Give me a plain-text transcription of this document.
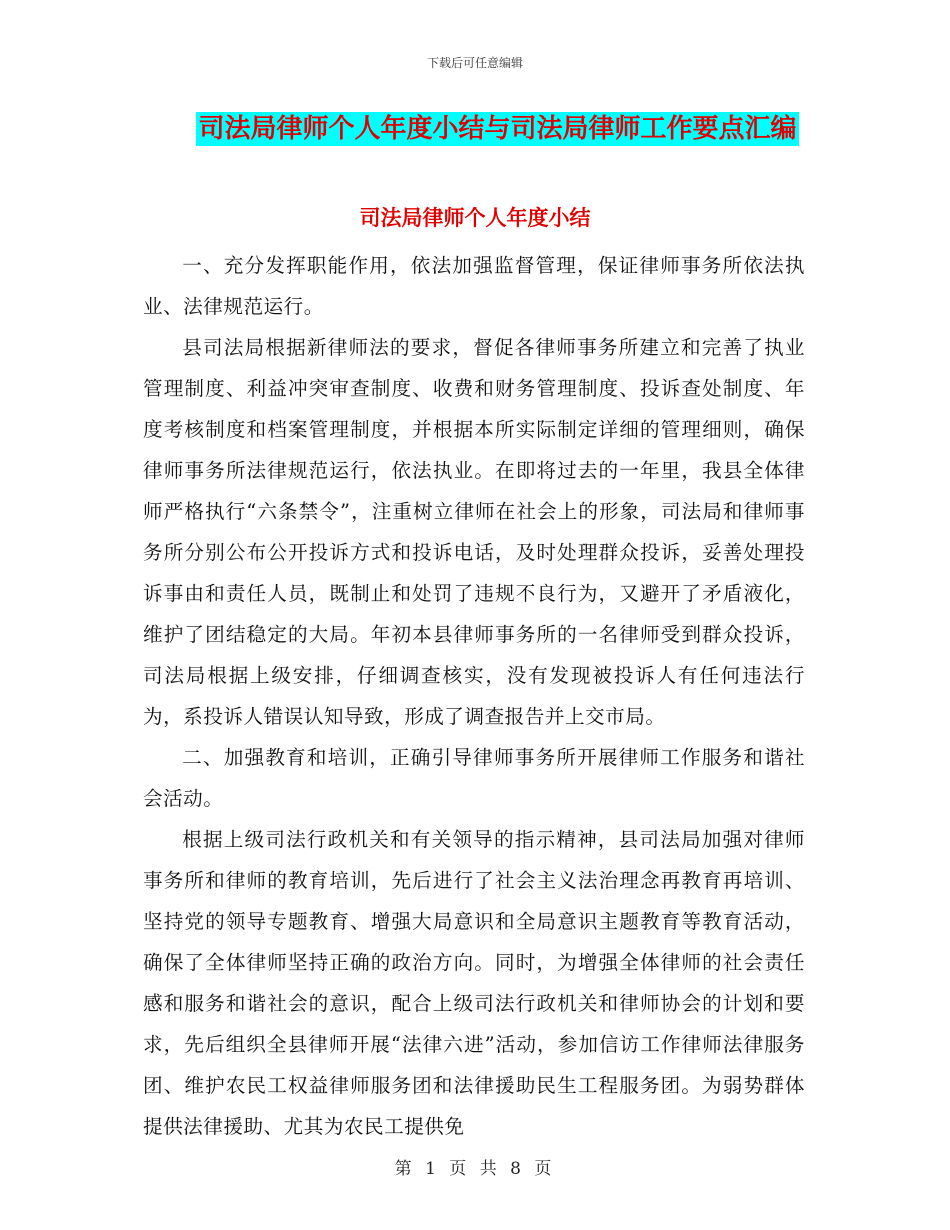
下载后可任意编辑
司法局律师个人年度小结与司法局律师工作要点汇编
司法局律师个人年度小结

一、充分发挥职能作用，依法加强监督管理，保证律师事务所依法执业、法律规范运行。

县司法局根据新律师法的要求，督促各律师事务所建立和完善了执业管理制度、利益冲突审查制度、收费和财务管理制度、投诉查处制度、年度考核制度和档案管理制度，并根据本所实际制定详细的管理细则，确保律师事务所法律规范运行，依法执业。在即将过去的一年里，我县全体律师严格执行“六条禁令”，注重树立律师在社会上的形象，司法局和律师事务所分别公布公开投诉方式和投诉电话，及时处理群众投诉，妥善处理投诉事由和责任人员，既制止和处罚了违规不良行为，又避开了矛盾液化，维护了团结稳定的大局。年初本县律师事务所的一名律师受到群众投诉，司法局根据上级安排，仔细调查核实，没有发现被投诉人有任何违法行为，系投诉人错误认知导致，形成了调查报告并上交市局。

二、加强教育和培训，正确引导律师事务所开展律师工作服务和谐社会活动。

根据上级司法行政机关和有关领导的指示精神，县司法局加强对律师事务所和律师的教育培训，先后进行了社会主义法治理念再教育再培训、坚持党的领导专题教育、增强大局意识和全局意识主题教育等教育活动，确保了全体律师坚持正确的政治方向。同时，为增强全体律师的社会责任感和服务和谐社会的意识，配合上级司法行政机关和律师协会的计划和要求，先后组织全县律师开展“法律六进”活动，参加信访工作律师法律服务团、维护农民工权益律师服务团和法律援助民生工程服务团。为弱势群体提供法律援助、尤其为农民工提供免

第 1 页 共 8 页
